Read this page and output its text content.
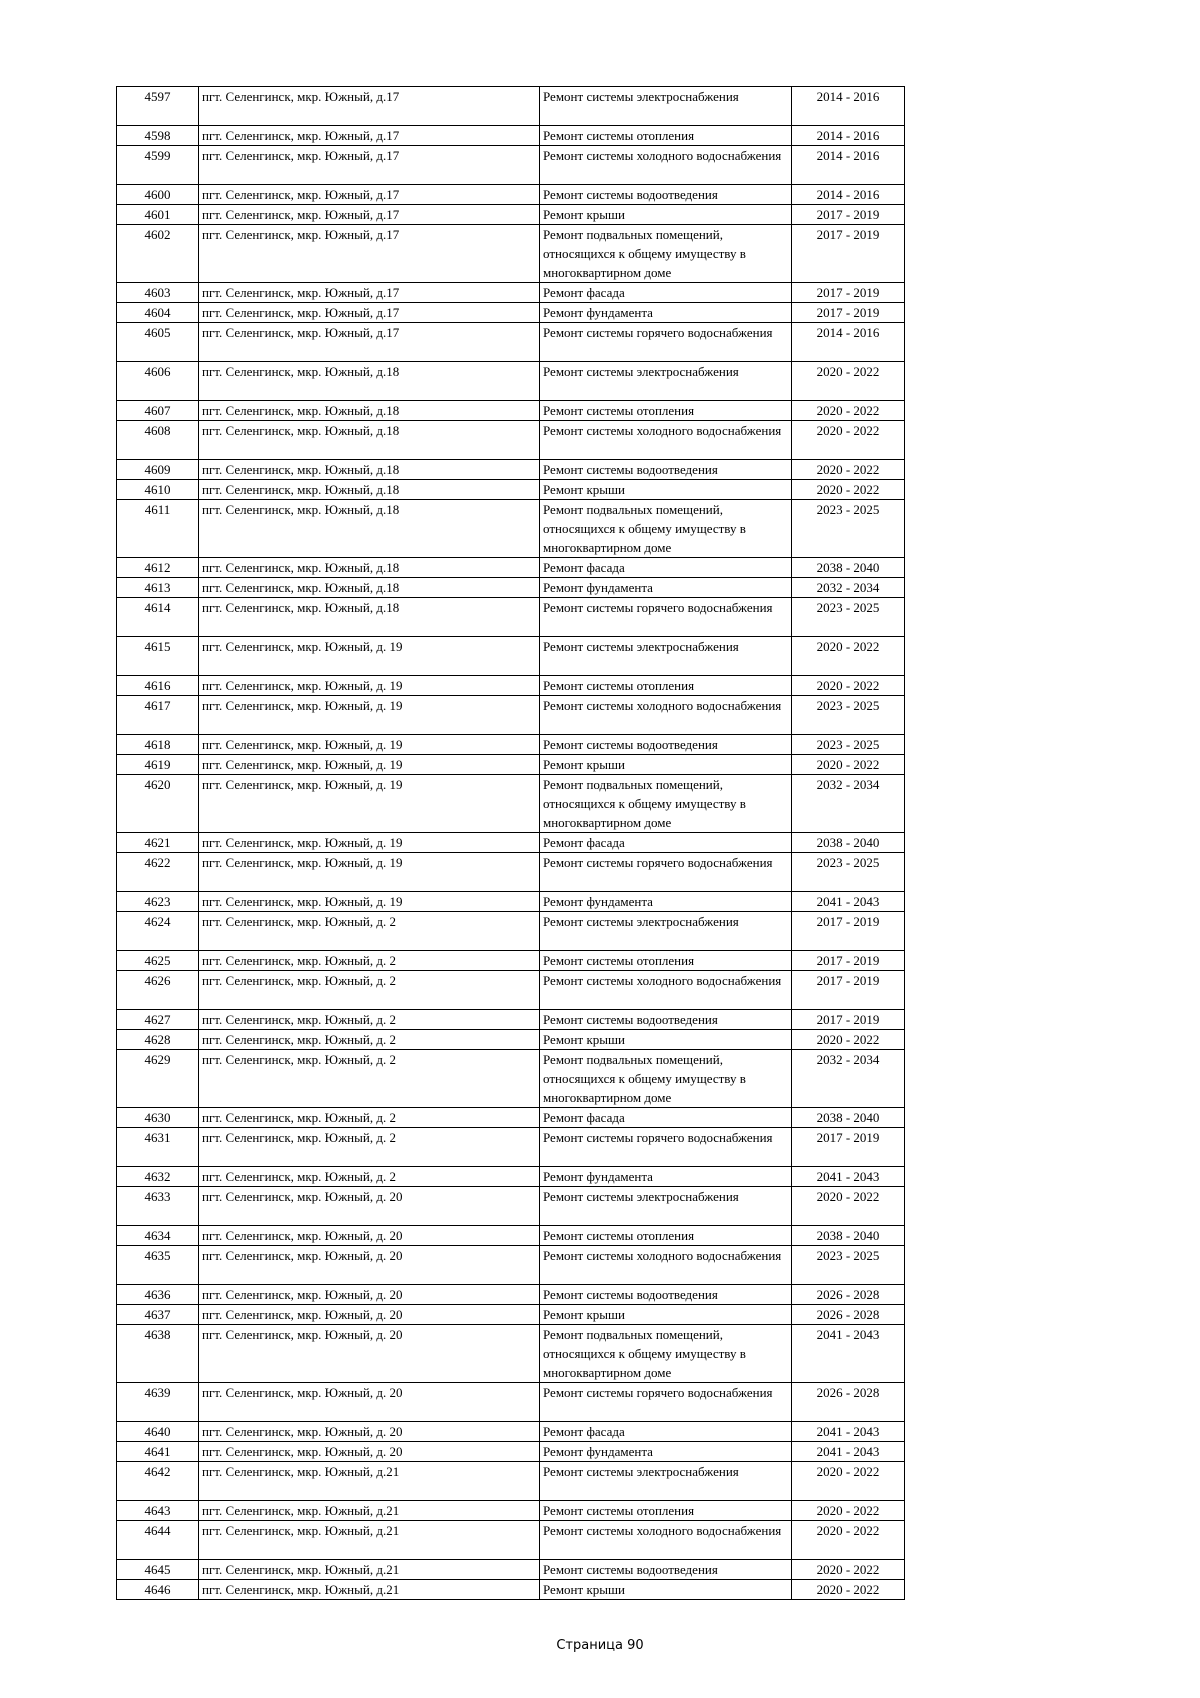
4597	пгт. Селенгинск, мкр. Южный, д.17	Ремонт системы электроснабжения	2014 - 2016
4598	пгт. Селенгинск, мкр. Южный, д.17	Ремонт системы отопления	2014 - 2016
4599	пгт. Селенгинск, мкр. Южный, д.17	Ремонт системы холодного водоснабжения	2014 - 2016
4600	пгт. Селенгинск, мкр. Южный, д.17	Ремонт системы водоотведения	2014 - 2016
4601	пгт. Селенгинск, мкр. Южный, д.17	Ремонт крыши	2017 - 2019
4602	пгт. Селенгинск, мкр. Южный, д.17	Ремонт подвальных помещений, относящихся к общему имуществу в многоквартирном доме	2017 - 2019
4603	пгт. Селенгинск, мкр. Южный, д.17	Ремонт фасада	2017 - 2019
4604	пгт. Селенгинск, мкр. Южный, д.17	Ремонт фундамента	2017 - 2019
4605	пгт. Селенгинск, мкр. Южный, д.17	Ремонт системы горячего водоснабжения	2014 - 2016
4606	пгт. Селенгинск, мкр. Южный, д.18	Ремонт системы электроснабжения	2020 - 2022
4607	пгт. Селенгинск, мкр. Южный, д.18	Ремонт системы отопления	2020 - 2022
4608	пгт. Селенгинск, мкр. Южный, д.18	Ремонт системы холодного водоснабжения	2020 - 2022
4609	пгт. Селенгинск, мкр. Южный, д.18	Ремонт системы водоотведения	2020 - 2022
4610	пгт. Селенгинск, мкр. Южный, д.18	Ремонт крыши	2020 - 2022
4611	пгт. Селенгинск, мкр. Южный, д.18	Ремонт подвальных помещений, относящихся к общему имуществу в многоквартирном доме	2023 - 2025
4612	пгт. Селенгинск, мкр. Южный, д.18	Ремонт фасада	2038 - 2040
4613	пгт. Селенгинск, мкр. Южный, д.18	Ремонт фундамента	2032 - 2034
4614	пгт. Селенгинск, мкр. Южный, д.18	Ремонт системы горячего водоснабжения	2023 - 2025
4615	пгт. Селенгинск, мкр. Южный, д. 19	Ремонт системы электроснабжения	2020 - 2022
4616	пгт. Селенгинск, мкр. Южный, д. 19	Ремонт системы отопления	2020 - 2022
4617	пгт. Селенгинск, мкр. Южный, д. 19	Ремонт системы холодного водоснабжения	2023 - 2025
4618	пгт. Селенгинск, мкр. Южный, д. 19	Ремонт системы водоотведения	2023 - 2025
4619	пгт. Селенгинск, мкр. Южный, д. 19	Ремонт крыши	2020 - 2022
4620	пгт. Селенгинск, мкр. Южный, д. 19	Ремонт подвальных помещений, относящихся к общему имуществу в многоквартирном доме	2032 - 2034
4621	пгт. Селенгинск, мкр. Южный, д. 19	Ремонт фасада	2038 - 2040
4622	пгт. Селенгинск, мкр. Южный, д. 19	Ремонт системы горячего водоснабжения	2023 - 2025
4623	пгт. Селенгинск, мкр. Южный, д. 19	Ремонт фундамента	2041 - 2043
4624	пгт. Селенгинск, мкр. Южный, д. 2	Ремонт системы электроснабжения	2017 - 2019
4625	пгт. Селенгинск, мкр. Южный, д. 2	Ремонт системы отопления	2017 - 2019
4626	пгт. Селенгинск, мкр. Южный, д. 2	Ремонт системы холодного водоснабжения	2017 - 2019
4627	пгт. Селенгинск, мкр. Южный, д. 2	Ремонт системы водоотведения	2017 - 2019
4628	пгт. Селенгинск, мкр. Южный, д. 2	Ремонт крыши	2020 - 2022
4629	пгт. Селенгинск, мкр. Южный, д. 2	Ремонт подвальных помещений, относящихся к общему имуществу в многоквартирном доме	2032 - 2034
4630	пгт. Селенгинск, мкр. Южный, д. 2	Ремонт фасада	2038 - 2040
4631	пгт. Селенгинск, мкр. Южный, д. 2	Ремонт системы горячего водоснабжения	2017 - 2019
4632	пгт. Селенгинск, мкр. Южный, д. 2	Ремонт фундамента	2041 - 2043
4633	пгт. Селенгинск, мкр. Южный, д. 20	Ремонт системы электроснабжения	2020 - 2022
4634	пгт. Селенгинск, мкр. Южный, д. 20	Ремонт системы отопления	2038 - 2040
4635	пгт. Селенгинск, мкр. Южный, д. 20	Ремонт системы холодного водоснабжения	2023 - 2025
4636	пгт. Селенгинск, мкр. Южный, д. 20	Ремонт системы водоотведения	2026 - 2028
4637	пгт. Селенгинск, мкр. Южный, д. 20	Ремонт крыши	2026 - 2028
4638	пгт. Селенгинск, мкр. Южный, д. 20	Ремонт подвальных помещений, относящихся к общему имуществу в многоквартирном доме	2041 - 2043
4639	пгт. Селенгинск, мкр. Южный, д. 20	Ремонт системы горячего водоснабжения	2026 - 2028
4640	пгт. Селенгинск, мкр. Южный, д. 20	Ремонт фасада	2041 - 2043
4641	пгт. Селенгинск, мкр. Южный, д. 20	Ремонт фундамента	2041 - 2043
4642	пгт. Селенгинск, мкр. Южный, д.21	Ремонт системы электроснабжения	2020 - 2022
4643	пгт. Селенгинск, мкр. Южный, д.21	Ремонт системы отопления	2020 - 2022
4644	пгт. Селенгинск, мкр. Южный, д.21	Ремонт системы холодного водоснабжения	2020 - 2022
4645	пгт. Селенгинск, мкр. Южный, д.21	Ремонт системы водоотведения	2020 - 2022
4646	пгт. Селенгинск, мкр. Южный, д.21	Ремонт крыши	2020 - 2022
Страница 90
